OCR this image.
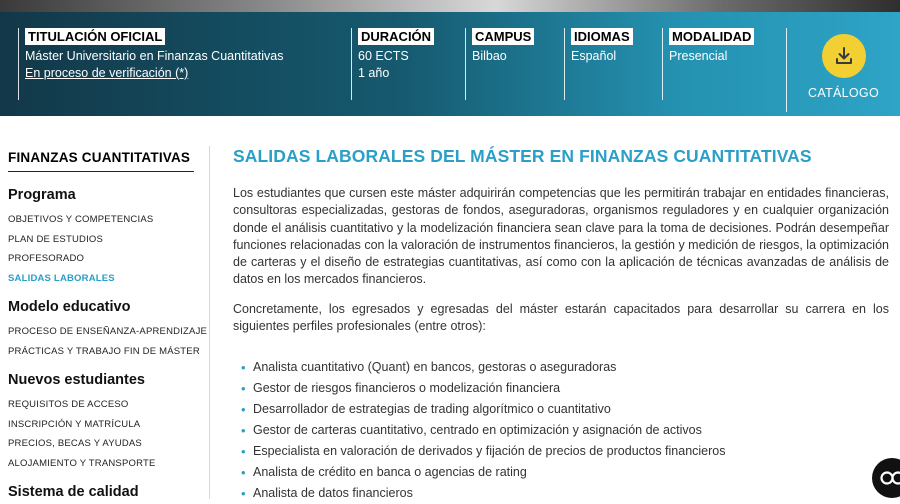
TITULACIÓN OFICIAL
Máster Universitario en Finanzas Cuantitativas
En proceso de verificación (*)
DURACIÓN
60 ECTS
1 año
CAMPUS
Bilbao
IDIOMAS
Español
MODALIDAD
Presencial
CATÁLOGO
FINANZAS CUANTITATIVAS
Programa
OBJETIVOS Y COMPETENCIAS
PLAN DE ESTUDIOS
PROFESORADO
SALIDAS LABORALES
Modelo educativo
PROCESO DE ENSEÑANZA-APRENDIZAJE
PRÁCTICAS Y TRABAJO FIN DE MÁSTER
Nuevos estudiantes
REQUISITOS DE ACCESO
INSCRIPCIÓN Y MATRÍCULA
PRECIOS, BECAS Y AYUDAS
ALOJAMIENTO Y TRANSPORTE
Sistema de calidad
SALIDAS LABORALES DEL MÁSTER EN FINANZAS CUANTITATIVAS

Los estudiantes que cursen este máster adquirirán competencias que les permitirán trabajar en entidades financieras, consultoras especializadas, gestoras de fondos, aseguradoras, organismos reguladores y en cualquier organización donde el análisis cuantitativo y la modelización financiera sean clave para la toma de decisiones. Podrán desempeñar funciones relacionadas con la valoración de instrumentos financieros, la gestión y medición de riesgos, la optimización de carteras y el diseño de estrategias cuantitativas, así como con la aplicación de técnicas avanzadas de análisis de datos en los mercados financieros.

Concretamente, los egresados y egresadas del máster estarán capacitados para desarrollar su carrera en los siguientes perfiles profesionales (entre otros):

• Analista cuantitativo (Quant) en bancos, gestoras o aseguradoras
• Gestor de riesgos financieros o modelización financiera
• Desarrollador de estrategias de trading algorítmico o cuantitativo
• Gestor de carteras cuantitativo, centrado en optimización y asignación de activos
• Especialista en valoración de derivados y fijación de precios de productos financieros
• Analista de crédito en banca o agencias de rating
• Analista de datos financieros
